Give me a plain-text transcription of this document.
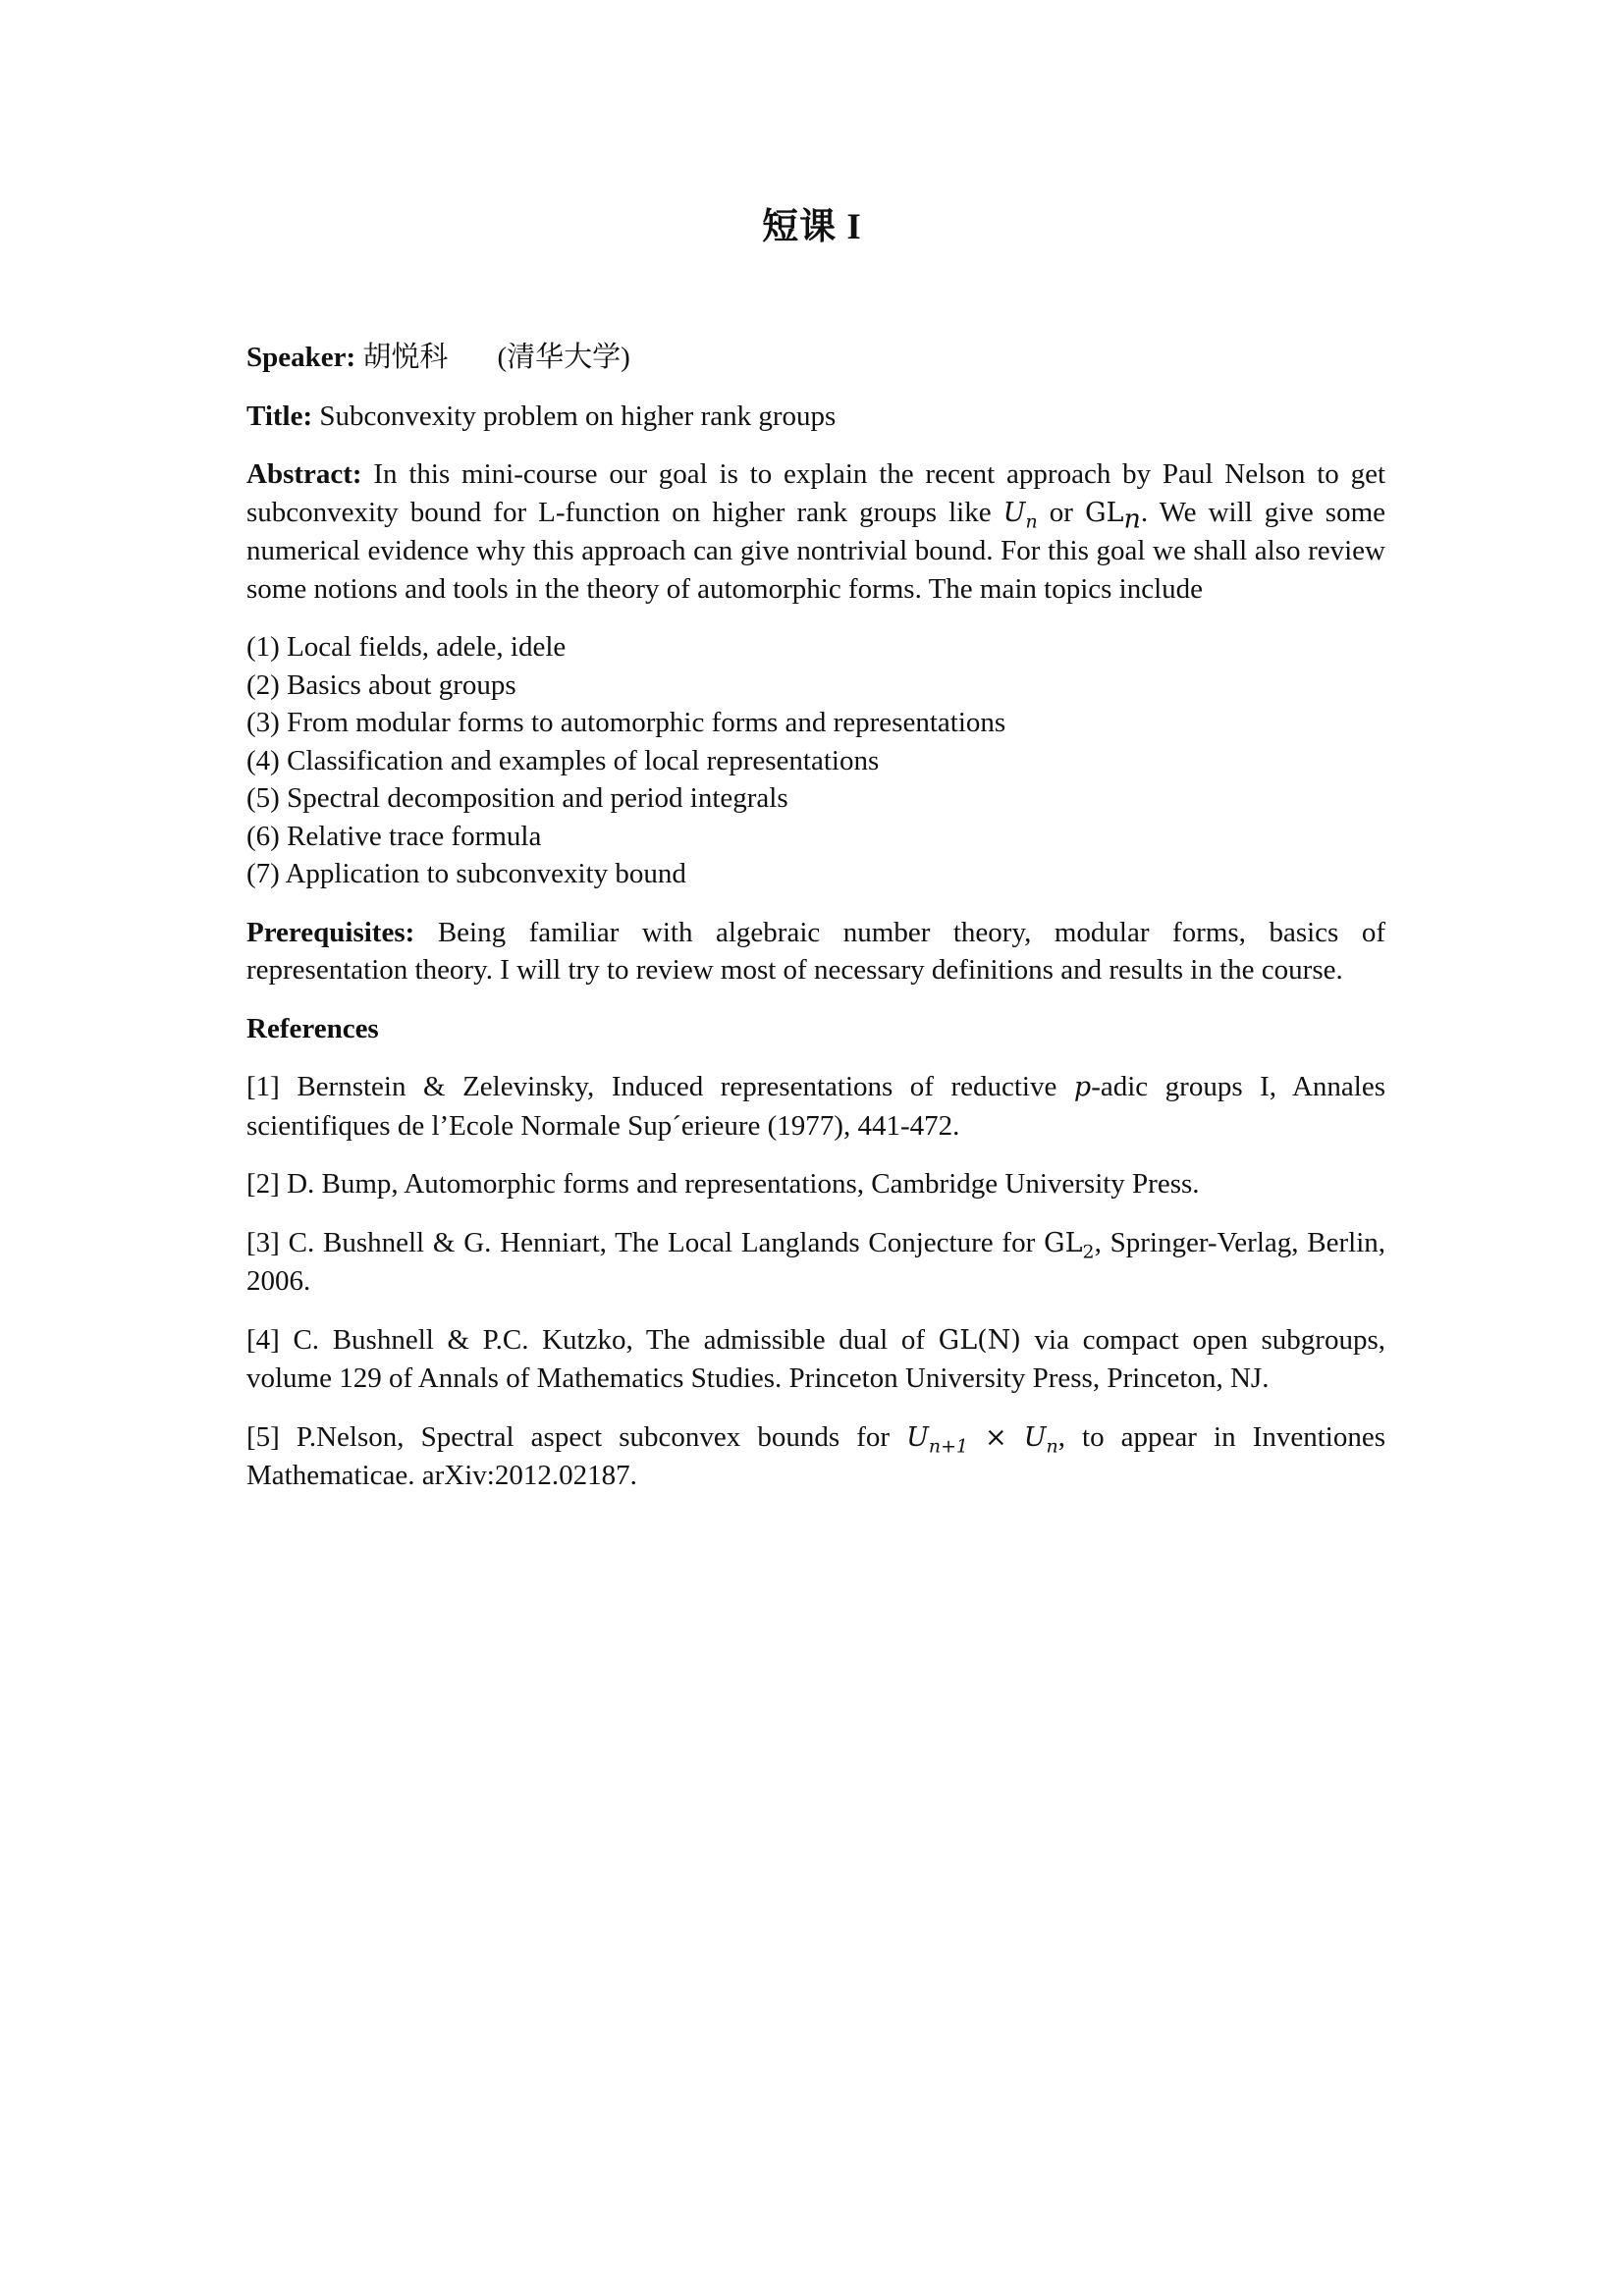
短课 I

Speaker: 胡悦科 (清华大学)

Title: Subconvexity problem on higher rank groups

Abstract: In this mini-course our goal is to explain the recent approach by Paul Nelson to get subconvexity bound for L-function on higher rank groups like $U_n$ or $GL_n$. We will give some numerical evidence why this approach can give nontrivial bound. For this goal we shall also review some notions and tools in the theory of automorphic forms. The main topics include

(1) Local fields, adele, idele
(2) Basics about groups
(3) From modular forms to automorphic forms and representations
(4) Classification and examples of local representations
(5) Spectral decomposition and period integrals
(6) Relative trace formula
(7) Application to subconvexity bound

Prerequisites: Being familiar with algebraic number theory, modular forms, basics of representation theory. I will try to review most of necessary definitions and results in the course.

References

[1] Bernstein & Zelevinsky, Induced representations of reductive p-adic groups I, Annales scientifiques de l’Ecole Normale Sup´erieure (1977), 441-472.

[2] D. Bump, Automorphic forms and representations, Cambridge University Press.

[3] C. Bushnell & G. Henniart, The Local Langlands Conjecture for $GL_2$, Springer-Verlag, Berlin, 2006.

[4] C. Bushnell & P.C. Kutzko, The admissible dual of GL(N) via compact open subgroups, volume 129 of Annals of Mathematics Studies. Princeton University Press, Princeton, NJ.

[5] P.Nelson, Spectral aspect subconvex bounds for $U_{n+1} \times U_n$, to appear in Inventiones Mathematicae. arXiv:2012.02187.
